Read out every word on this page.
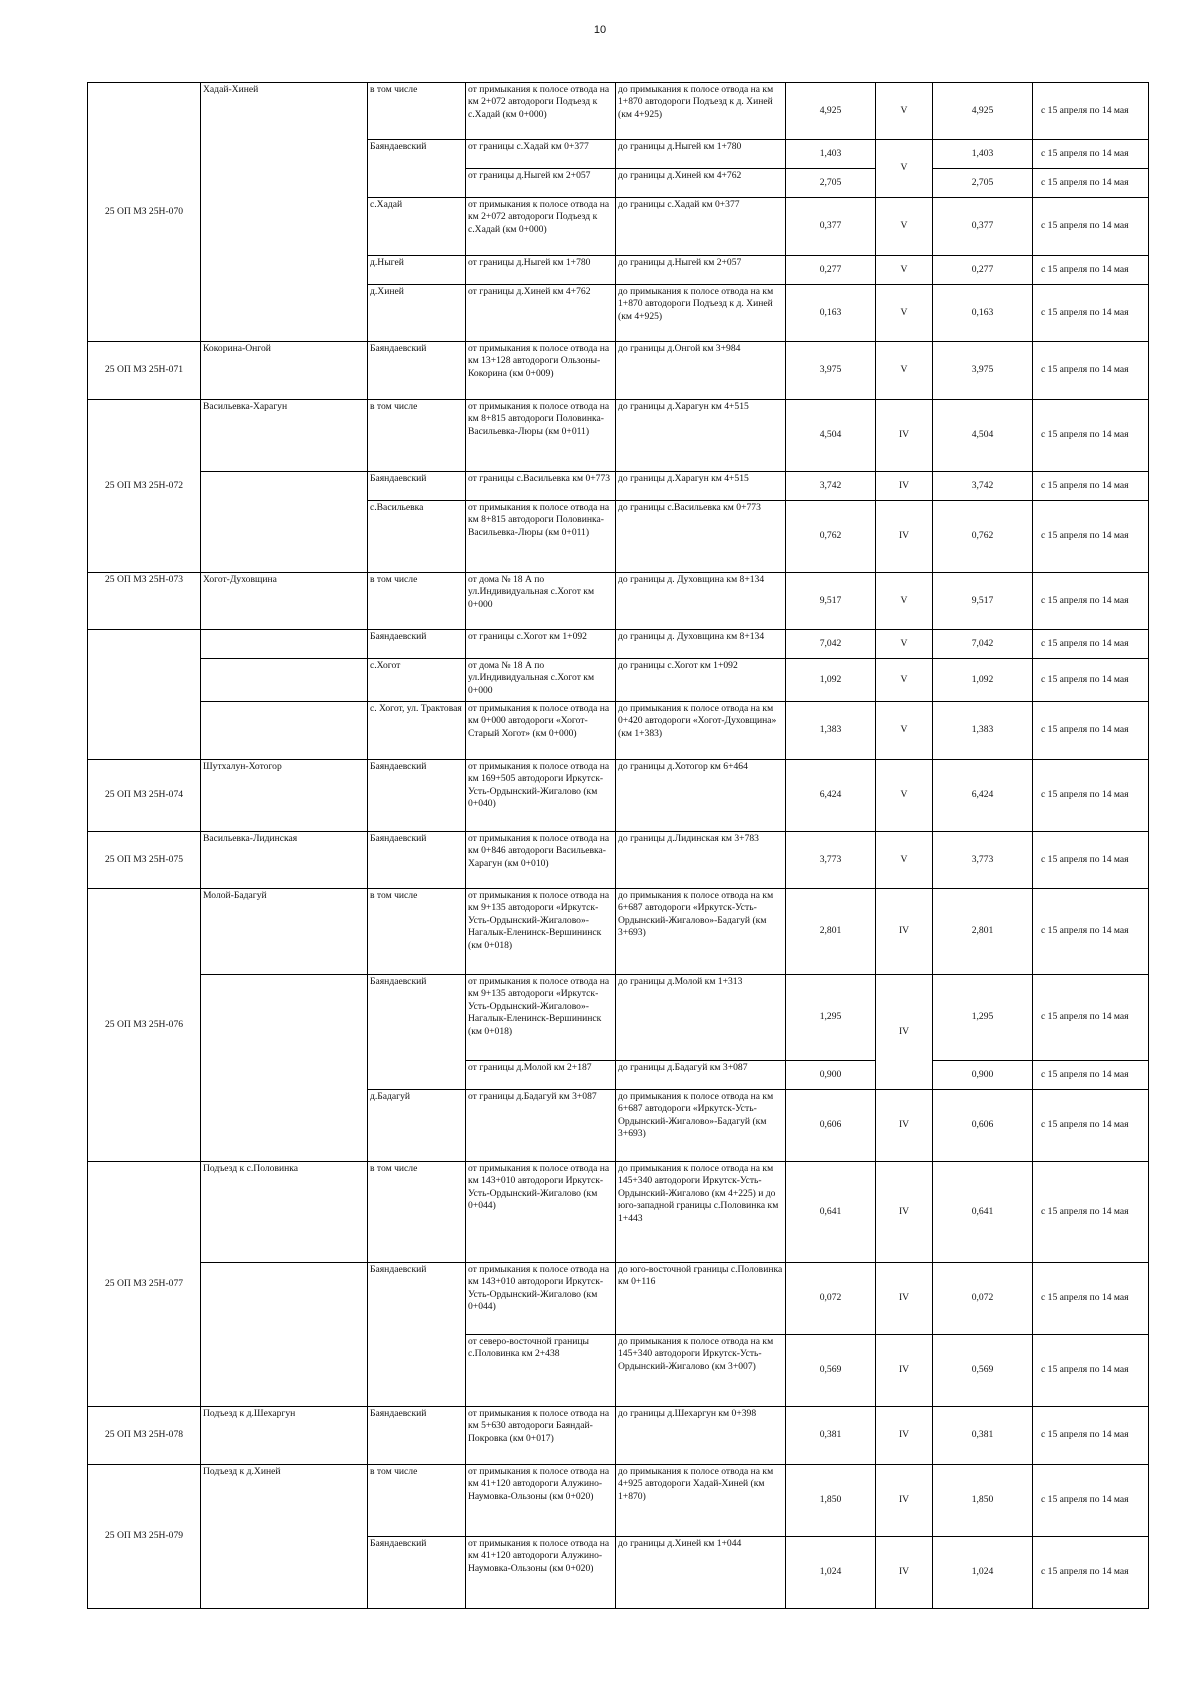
10
25 ОП МЗ 25Н-070	Хадай-Хиней	в том числе	от примыкания к полосе отвода на км 2+072 автодороги Подъезд к с.Хадай (км 0+000)	до примыкания к полосе отвода на км 1+870 автодороги Подъезд к д. Хиней (км 4+925)	4,925	V	4,925	с 15 апреля по 14 мая
		Баяндаевский	от границы с.Хадай км 0+377	до границы д.Ныгей км 1+780	1,403	V	1,403	с 15 апреля по 14 мая
			от границы д.Ныгей км 2+057	до границы д.Хиней км 4+762	2,705		2,705	с 15 апреля по 14 мая
		с.Хадай	от примыкания к полосе отвода на км 2+072 автодороги Подъезд к с.Хадай (км 0+000)	до границы с.Хадай км 0+377	0,377	V	0,377	с 15 апреля по 14 мая
		д.Ныгей	от границы д.Ныгей км 1+780	до границы д.Ныгей км 2+057	0,277	V	0,277	с 15 апреля по 14 мая
		д.Хиней	от границы д.Хиней км 4+762	до примыкания к полосе отвода на км 1+870 автодороги Подъезд к д. Хиней (км 4+925)	0,163	V	0,163	с 15 апреля по 14 мая
25 ОП МЗ 25Н-071	Кокорина-Онгой	Баяндаевский	от примыкания к полосе отвода на км 13+128 автодороги Ользоны-Кокорина (км 0+009)	до границы д.Онгой км 3+984	3,975	V	3,975	с 15 апреля по 14 мая
25 ОП МЗ 25Н-072	Васильевка-Харагун	в том числе	от примыкания к полосе отвода на км 8+815 автодороги Половинка-Васильевка-Люры (км 0+011)	до границы д.Харагун км 4+515	4,504	IV	4,504	с 15 апреля по 14 мая
		Баяндаевский	от границы с.Васильевка км 0+773	до границы д.Харагун км 4+515	3,742	IV	3,742	с 15 апреля по 14 мая
		с.Васильевка	от примыкания к полосе отвода на км 8+815 автодороги Половинка-Васильевка-Люры (км 0+011)	до границы с.Васильевка км 0+773	0,762	IV	0,762	с 15 апреля по 14 мая
25 ОП МЗ 25Н-073	Хогот-Духовщина	в том числе	от дома № 18 А по ул.Индивидуальная с.Хогот км 0+000	до границы д. Духовщина км 8+134	9,517	V	9,517	с 15 апреля по 14 мая
		Баяндаевский	от границы с.Хогот км 1+092	до границы д. Духовщина км 8+134	7,042	V	7,042	с 15 апреля по 14 мая
		с.Хогот	от дома № 18 А по ул.Индивидуальная с.Хогот км 0+000	до границы с.Хогот км 1+092	1,092	V	1,092	с 15 апреля по 14 мая
		с. Хогот, ул. Трактовая	от примыкания к полосе отвода на км 0+000 автодороги «Хогот-Старый Хогот» (км 0+000)	до примыкания к полосе отвода на км 0+420 автодороги «Хогот-Духовщина» (км 1+383)	1,383	V	1,383	с 15 апреля по 14 мая
25 ОП МЗ 25Н-074	Шутхалун-Хотогор	Баяндаевский	от примыкания к полосе отвода на км 169+505 автодороги Иркутск-Усть-Ордынский-Жигалово (км 0+040)	до границы д.Хотогор км 6+464	6,424	V	6,424	с 15 апреля по 14 мая
25 ОП МЗ 25Н-075	Васильевка-Лидинская	Баяндаевский	от примыкания к полосе отвода на км 0+846 автодороги Васильевка-Харагун (км 0+010)	до границы д.Лидинская км 3+783	3,773	V	3,773	с 15 апреля по 14 мая
25 ОП МЗ 25Н-076	Молой-Бадагуй	в том числе	от примыкания к полосе отвода на км 9+135 автодороги «Иркутск-Усть-Ордынский-Жигалово»-Нагалык-Еленинск-Вершининск (км 0+018)	до примыкания к полосе отвода на км 6+687 автодороги «Иркутск-Усть-Ордынский-Жигалово»-Бадагуй (км 3+693)	2,801	IV	2,801	с 15 апреля по 14 мая
		Баяндаевский	от примыкания к полосе отвода на км 9+135 автодороги «Иркутск-Усть-Ордынский-Жигалово»-Нагалык-Еленинск-Вершининск (км 0+018)	до границы д.Молой км 1+313	1,295	IV	1,295	с 15 апреля по 14 мая
			от границы д.Молой км 2+187	до границы д.Бадагуй км 3+087	0,900		0,900	с 15 апреля по 14 мая
		д.Бадагуй	от границы д.Бадагуй км 3+087	до примыкания к полосе отвода на км 6+687 автодороги «Иркутск-Усть-Ордынский-Жигалово»-Бадагуй (км 3+693)	0,606	IV	0,606	с 15 апреля по 14 мая
25 ОП МЗ 25Н-077	Подъезд к с.Половинка	в том числе	от примыкания к полосе отвода на км 143+010 автодороги Иркутск-Усть-Ордынский-Жигалово (км 0+044)	до примыкания к полосе отвода на км 145+340 автодороги Иркутск-Усть-Ордынский-Жигалово (км 4+225) и до юго-западной границы с.Половинка км 1+443	0,641	IV	0,641	с 15 апреля по 14 мая
		Баяндаевский	от примыкания к полосе отвода на км 143+010 автодороги Иркутск-Усть-Ордынский-Жигалово (км 0+044)	до юго-восточной границы с.Половинка км 0+116	0,072	IV	0,072	с 15 апреля по 14 мая
			от северо-восточной границы с.Половинка км 2+438	до примыкания к полосе отвода на км 145+340 автодороги Иркутск-Усть-Ордынский-Жигалово (км 3+007)	0,569	IV	0,569	с 15 апреля по 14 мая
25 ОП МЗ 25Н-078	Подъезд к д.Шехаргун	Баяндаевский	от примыкания к полосе отвода на км 5+630 автодороги Баяндай-Покровка (км 0+017)	до границы д.Шехаргун км 0+398	0,381	IV	0,381	с 15 апреля по 14 мая
25 ОП МЗ 25Н-079	Подъезд к д.Хиней	в том числе	от примыкания к полосе отвода на км 41+120 автодороги Алужино-Наумовка-Ользоны (км 0+020)	до примыкания к полосе отвода на км 4+925 автодороги Хадай-Хиней (км 1+870)	1,850	IV	1,850	с 15 апреля по 14 мая
		Баяндаевский	от примыкания к полосе отвода на км 41+120 автодороги Алужино-Наумовка-Ользоны (км 0+020)	до границы д.Хиней км 1+044	1,024	IV	1,024	с 15 апреля по 14 мая
